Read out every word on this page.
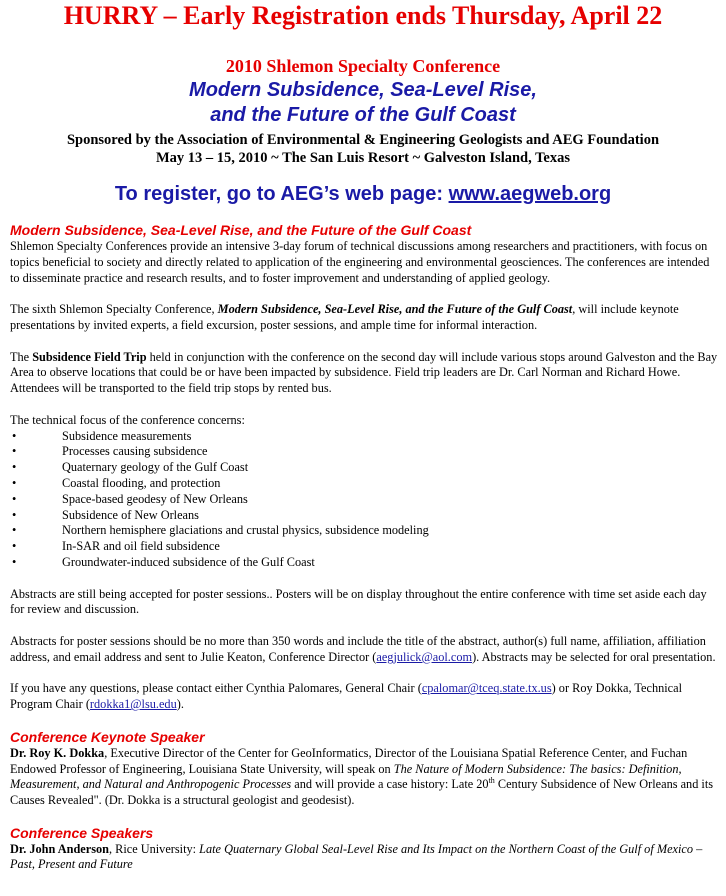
HURRY – Early Registration ends Thursday, April 22
2010 Shlemon Specialty Conference
Modern Subsidence, Sea-Level Rise,
and the Future of the Gulf Coast
Sponsored by the Association of Environmental & Engineering Geologists and AEG Foundation
May 13 – 15, 2010 ~ The San Luis Resort ~ Galveston Island, Texas
To register, go to AEG’s web page: www.aegweb.org
Modern Subsidence, Sea-Level Rise, and the Future of the Gulf Coast

Shlemon Specialty Conferences provide an intensive 3-day forum of technical discussions among researchers and practitioners, with focus on topics beneficial to society and directly related to application of the engineering and environmental geosciences. The conferences are intended to disseminate practice and research results, and to foster improvement and understanding of applied geology.

The sixth Shlemon Specialty Conference, Modern Subsidence, Sea-Level Rise, and the Future of the Gulf Coast, will include keynote presentations by invited experts, a field excursion, poster sessions, and ample time for informal interaction.

The Subsidence Field Trip held in conjunction with the conference on the second day will include various stops around Galveston and the Bay Area to observe locations that could be or have been impacted by subsidence. Field trip leaders are Dr. Carl Norman and Richard Howe. Attendees will be transported to the field trip stops by rented bus.

The technical focus of the conference concerns:
•	Subsidence measurements
•	Processes causing subsidence
•	Quaternary geology of the Gulf Coast
•	Coastal flooding, and protection
•	Space-based geodesy of New Orleans
•	Subsidence of New Orleans
•	Northern hemisphere glaciations and crustal physics, subsidence modeling
•	In-SAR and oil field subsidence
•	Groundwater-induced subsidence of the Gulf Coast

Abstracts are still being accepted for poster sessions.. Posters will be on display throughout the entire conference with time set aside each day for review and discussion.

Abstracts for poster sessions should be no more than 350 words and include the title of the abstract, author(s) full name, affiliation, affiliation address, and email address and sent to Julie Keaton, Conference Director (aegjulick@aol.com). Abstracts may be selected for oral presentation.

If you have any questions, please contact either Cynthia Palomares, General Chair (cpalomar@tceq.state.tx.us) or Roy Dokka, Technical Program Chair (rdokka1@lsu.edu).

Conference Keynote Speaker

Dr. Roy K. Dokka, Executive Director of the Center for GeoInformatics, Director of the Louisiana Spatial Reference Center, and Fuchan Endowed Professor of Engineering, Louisiana State University, will speak on The Nature of Modern Subsidence: The basics: Definition, Measurement, and Natural and Anthropogenic Processes and will provide a case history: Late 20th Century Subsidence of New Orleans and its Causes Revealed". (Dr. Dokka is a structural geologist and geodesist).

Conference Speakers
Dr. John Anderson, Rice University: Late Quaternary Global Seal-Level Rise and Its Impact on the Northern Coast of the Gulf of Mexico – Past, Present and Future
